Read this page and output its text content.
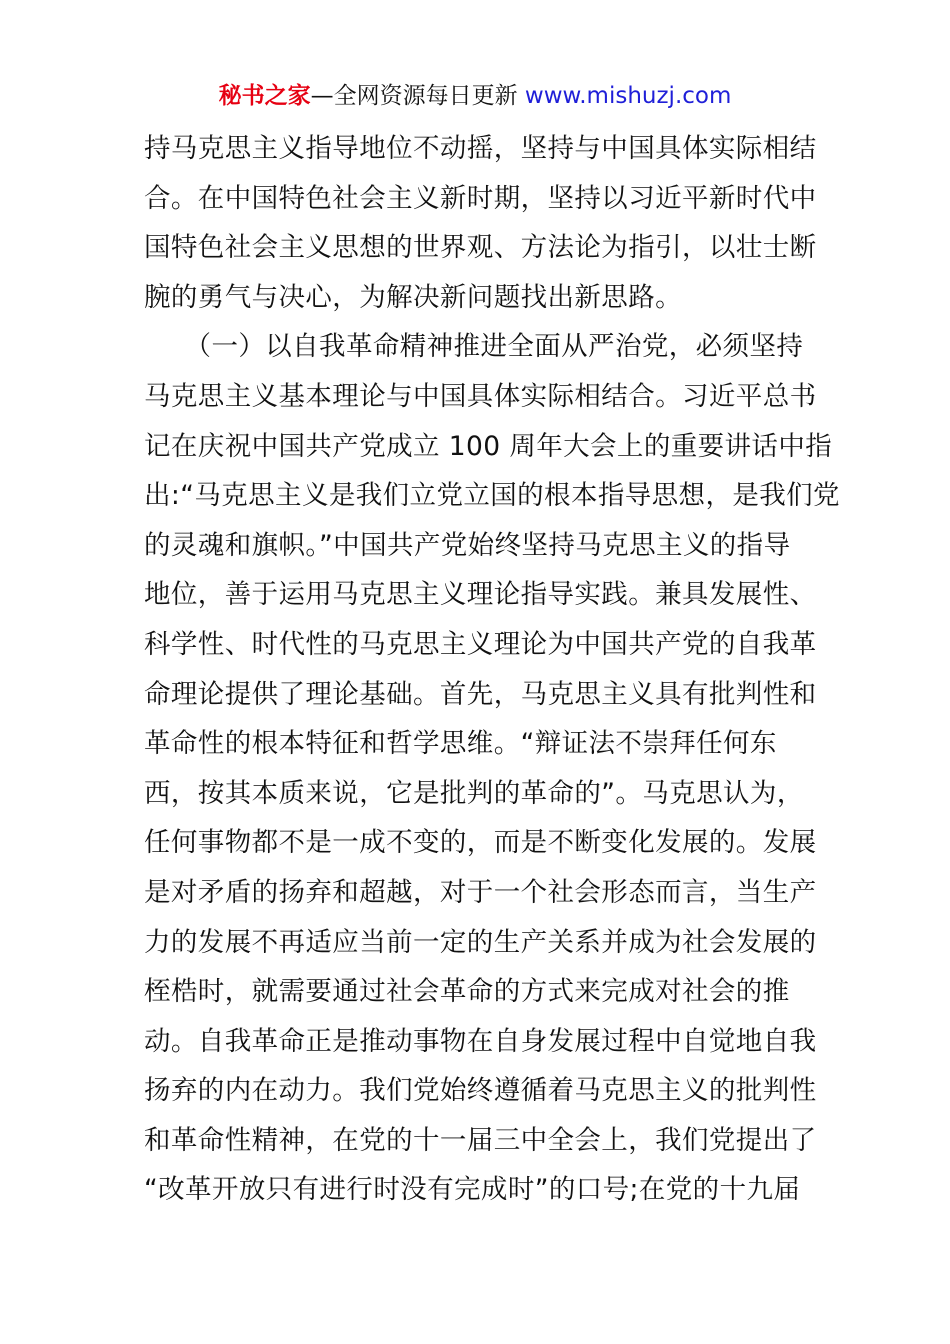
秘书之家—全网资源每日更新 www.mishuzj.com
持马克思主义指导地位不动摇，坚持与中国具体实际相结
合。在中国特色社会主义新时期，坚持以习近平新时代中
国特色社会主义思想的世界观、方法论为指引，以壮士断
腕的勇气与决心，为解决新问题找出新思路。
　　（一）以自我革命精神推进全面从严治党，必须坚持
马克思主义基本理论与中国具体实际相结合。习近平总书
记在庆祝中国共产党成立 100 周年大会上的重要讲话中指
出:“马克思主义是我们立党立国的根本指导思想，是我们党
的灵魂和旗帜。”中国共产党始终坚持马克思主义的指导
地位，善于运用马克思主义理论指导实践。兼具发展性、
科学性、时代性的马克思主义理论为中国共产党的自我革
命理论提供了理论基础。首先，马克思主义具有批判性和
革命性的根本特征和哲学思维。“辩证法不崇拜任何东
西，按其本质来说，它是批判的革命的”。马克思认为，
任何事物都不是一成不变的，而是不断变化发展的。发展
是对矛盾的扬弃和超越，对于一个社会形态而言，当生产
力的发展不再适应当前一定的生产关系并成为社会发展的
桎梏时，就需要通过社会革命的方式来完成对社会的推
动。自我革命正是推动事物在自身发展过程中自觉地自我
扬弃的内在动力。我们党始终遵循着马克思主义的批判性
和革命性精神，在党的十一届三中全会上，我们党提出了
“改革开放只有进行时没有完成时”的口号;在党的十九届
